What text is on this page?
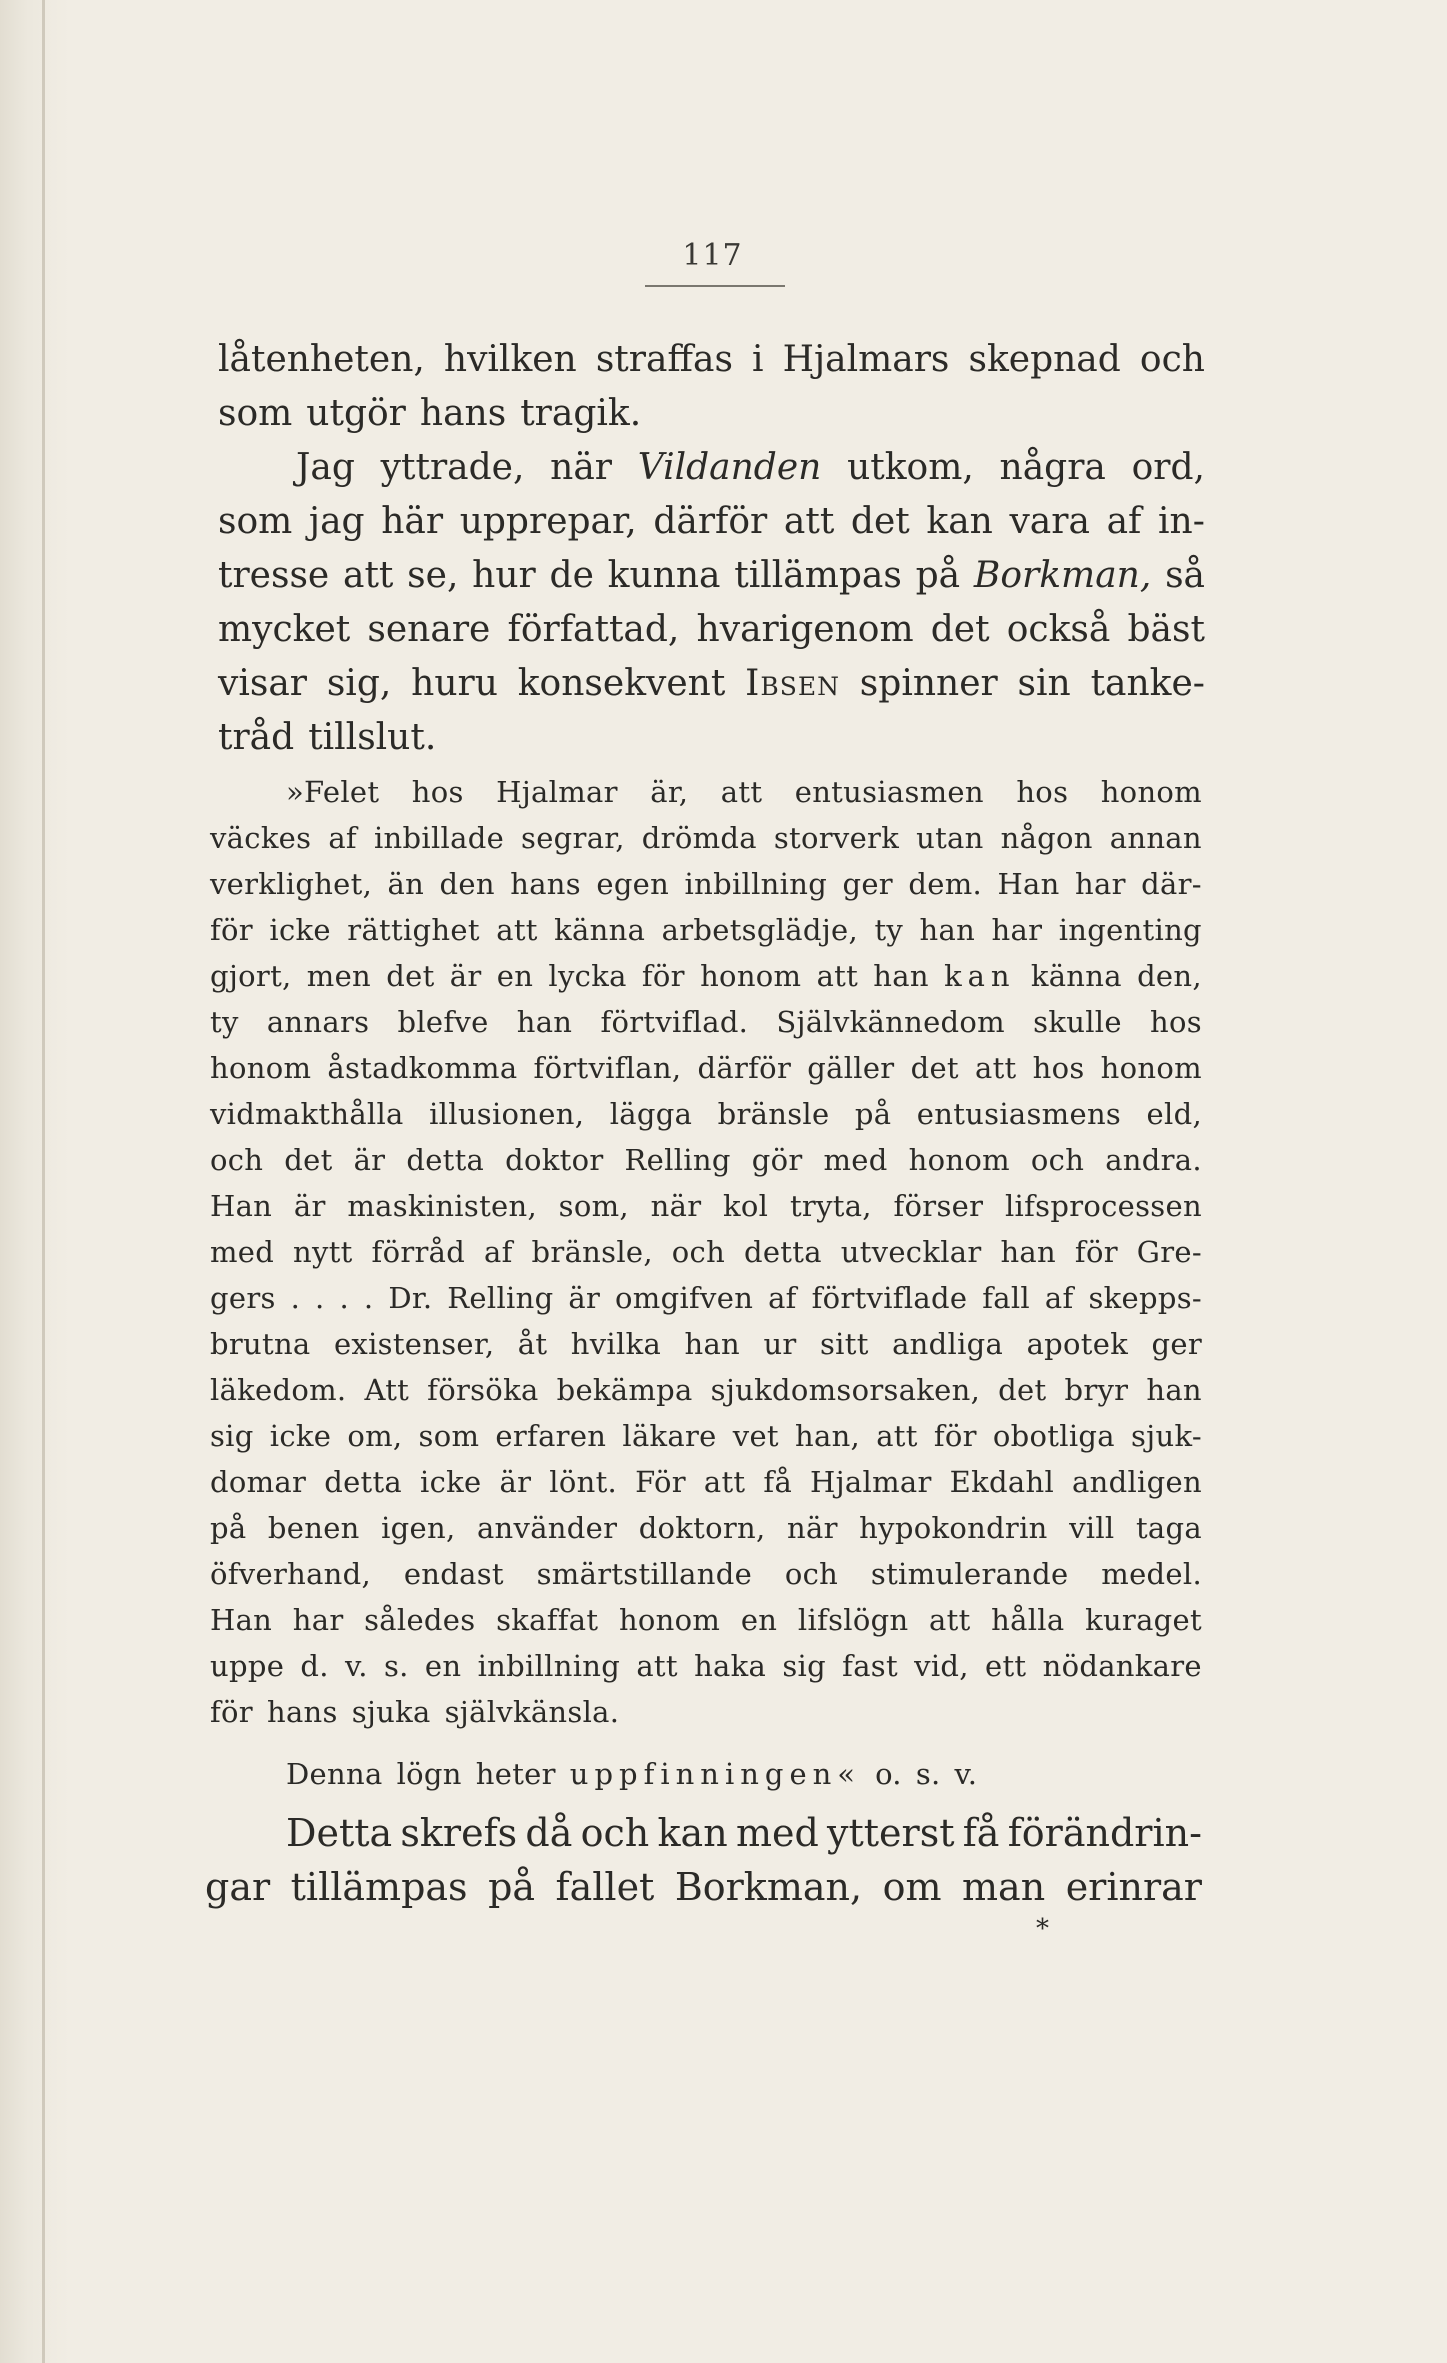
117
låtenheten, hvilken straffas i Hjalmars skepnad och
som utgör hans tragik.
Jag yttrade, när Vildanden utkom, några ord,
som jag här upprepar, därför att det kan vara af in-
tresse att se, hur de kunna tillämpas på Borkman, så
mycket senare författad, hvarigenom det också bäst
visar sig, huru konsekvent Ibsen spinner sin tanke-
tråd tillslut.
»Felet hos Hjalmar är, att entusiasmen hos honom
väckes af inbillade segrar, drömda storverk utan någon annan
verklighet, än den hans egen inbillning ger dem. Han har där-
för icke rättighet att känna arbetsglädje, ty han har ingenting
gjort, men det är en lycka för honom att han kan känna den,
ty annars blefve han förtviflad. Självkännedom skulle hos
honom åstadkomma förtviflan, därför gäller det att hos honom
vidmakthålla illusionen, lägga bränsle på entusiasmens eld,
och det är detta doktor Relling gör med honom och andra.
Han är maskinisten, som, när kol tryta, förser lifsprocessen
med nytt förråd af bränsle, och detta utvecklar han för Gre-
gers . . . . Dr. Relling är omgifven af förtviflade fall af skepps-
brutna existenser, åt hvilka han ur sitt andliga apotek ger
läkedom. Att försöka bekämpa sjukdomsorsaken, det bryr han
sig icke om, som erfaren läkare vet han, att för obotliga sjuk-
domar detta icke är lönt. För att få Hjalmar Ekdahl andligen
på benen igen, använder doktorn, när hypokondrin vill taga
öfverhand, endast smärtstillande och stimulerande medel.
Han har således skaffat honom en lifslögn att hålla kuraget
uppe d. v. s. en inbillning att haka sig fast vid, ett nödankare
för hans sjuka självkänsla.
Denna lögn heter uppfinningen« o. s. v.
Detta skrefs då och kan med ytterst få förändrin-
gar tillämpas på fallet Borkman, om man erinrar
*
